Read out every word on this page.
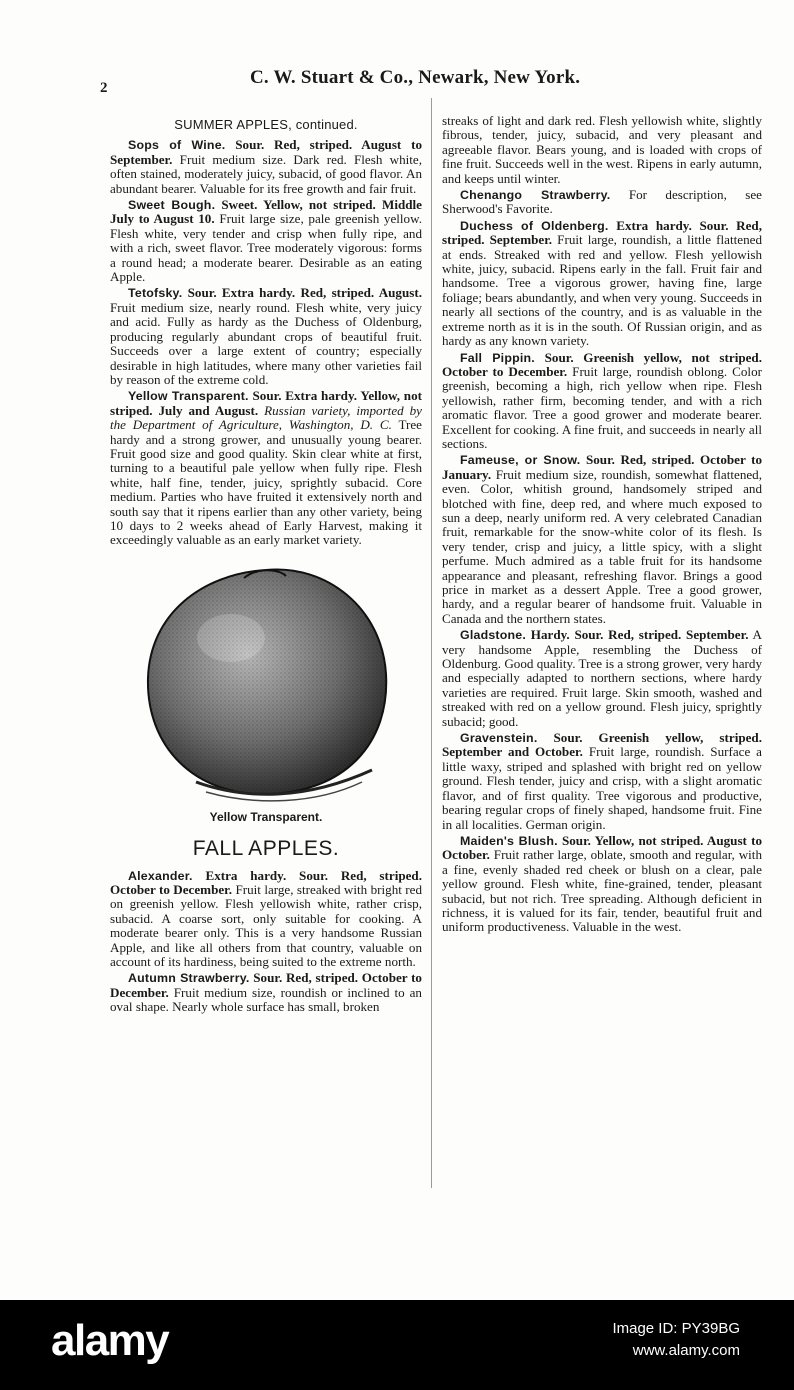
2	C. W. Stuart & Co., Newark, New York.
SUMMER APPLES, continued.

Sops of Wine. Sour. Red, striped. August to September. Fruit medium size. Dark red. Flesh white, often stained, moderately juicy, subacid, of good flavor. An abundant bearer. Valuable for its free growth and fair fruit.

Sweet Bough. Sweet. Yellow, not striped. Middle July to August 10. Fruit large size, pale greenish yellow. Flesh white, very tender and crisp when fully ripe, and with a rich, sweet flavor. Tree moderately vigorous: forms a round head; a moderate bearer. Desirable as an eating Apple.

Tetofsky. Sour. Extra hardy. Red, striped. August. Fruit medium size, nearly round. Flesh white, very juicy and acid. Fully as hardy as the Duchess of Oldenburg, producing regularly abundant crops of beautiful fruit. Succeeds over a large extent of country; especially desirable in high latitudes, where many other varieties fail by reason of the extreme cold.

Yellow Transparent. Sour. Extra hardy. Yellow, not striped. July and August. Russian variety, imported by the Department of Agriculture, Washington, D. C. Tree hardy and a strong grower, and unusually young bearer. Fruit good size and good quality. Skin clear white at first, turning to a beautiful pale yellow when fully ripe. Flesh white, half fine, tender, juicy, sprightly subacid. Core medium. Parties who have fruited it extensively north and south say that it ripens earlier than any other variety, being 10 days to 2 weeks ahead of Early Harvest, making it exceedingly valuable as an early market variety.

Yellow Transparent.
FALL APPLES.

Alexander. Extra hardy. Sour. Red, striped. October to December. Fruit large, streaked with bright red on greenish yellow. Flesh yellowish white, rather crisp, subacid. A coarse sort, only suitable for cooking. A moderate bearer only. This is a very handsome Russian Apple, and like all others from that country, valuable on account of its hardiness, being suited to the extreme north.

Autumn Strawberry. Sour. Red, striped. October to December. Fruit medium size, roundish or inclined to an oval shape. Nearly whole surface has small, broken

streaks of light and dark red. Flesh yellowish white, slightly fibrous, tender, juicy, subacid, and very pleasant and agreeable flavor. Bears young, and is loaded with crops of fine fruit. Succeeds well in the west. Ripens in early autumn, and keeps until winter.

Chenango Strawberry. For description, see Sherwood's Favorite.

Duchess of Oldenberg. Extra hardy. Sour. Red, striped. September. Fruit large, roundish, a little flattened at ends. Streaked with red and yellow. Flesh yellowish white, juicy, subacid. Ripens early in the fall. Fruit fair and handsome. Tree a vigorous grower, having fine, large foliage; bears abundantly, and when very young. Succeeds in nearly all sections of the country, and is as valuable in the extreme north as it is in the south. Of Russian origin, and as hardy as any known variety.

Fall Pippin. Sour. Greenish yellow, not striped. October to December. Fruit large, roundish oblong. Color greenish, becoming a high, rich yellow when ripe. Flesh yellowish, rather firm, becoming tender, and with a rich aromatic flavor. Tree a good grower and moderate bearer. Excellent for cooking. A fine fruit, and succeeds in nearly all sections.

Fameuse, or Snow. Sour. Red, striped. October to January. Fruit medium size, roundish, somewhat flattened, even. Color, whitish ground, handsomely striped and blotched with fine, deep red, and where much exposed to sun a deep, nearly uniform red. A very celebrated Canadian fruit, remarkable for the snow-white color of its flesh. Is very tender, crisp and juicy, a little spicy, with a slight perfume. Much admired as a table fruit for its handsome appearance and pleasant, refreshing flavor. Brings a good price in market as a dessert Apple. Tree a good grower, hardy, and a regular bearer of handsome fruit. Valuable in Canada and the northern states.

Gladstone. Hardy. Sour. Red, striped. September. A very handsome Apple, resembling the Duchess of Oldenburg. Good quality. Tree is a strong grower, very hardy and especially adapted to northern sections, where hardy varieties are required. Fruit large. Skin smooth, washed and streaked with red on a yellow ground. Flesh juicy, sprightly subacid; good.

Gravenstein. Sour. Greenish yellow, striped. September and October. Fruit large, roundish. Surface a little waxy, striped and splashed with bright red on yellow ground. Flesh tender, juicy and crisp, with a slight aromatic flavor, and of first quality. Tree vigorous and productive, bearing regular crops of finely shaped, handsome fruit. Fine in all localities. German origin.

Maiden's Blush. Sour. Yellow, not striped. August to October. Fruit rather large, oblate, smooth and regular, with a fine, evenly shaded red cheek or blush on a clear, pale yellow ground. Flesh white, fine-grained, tender, pleasant subacid, but not rich. Tree spreading. Although deficient in richness, it is valued for its fair, tender, beautiful fruit and uniform productiveness. Valuable in the west.

alamy	Image ID: PY39BG
www.alamy.com
